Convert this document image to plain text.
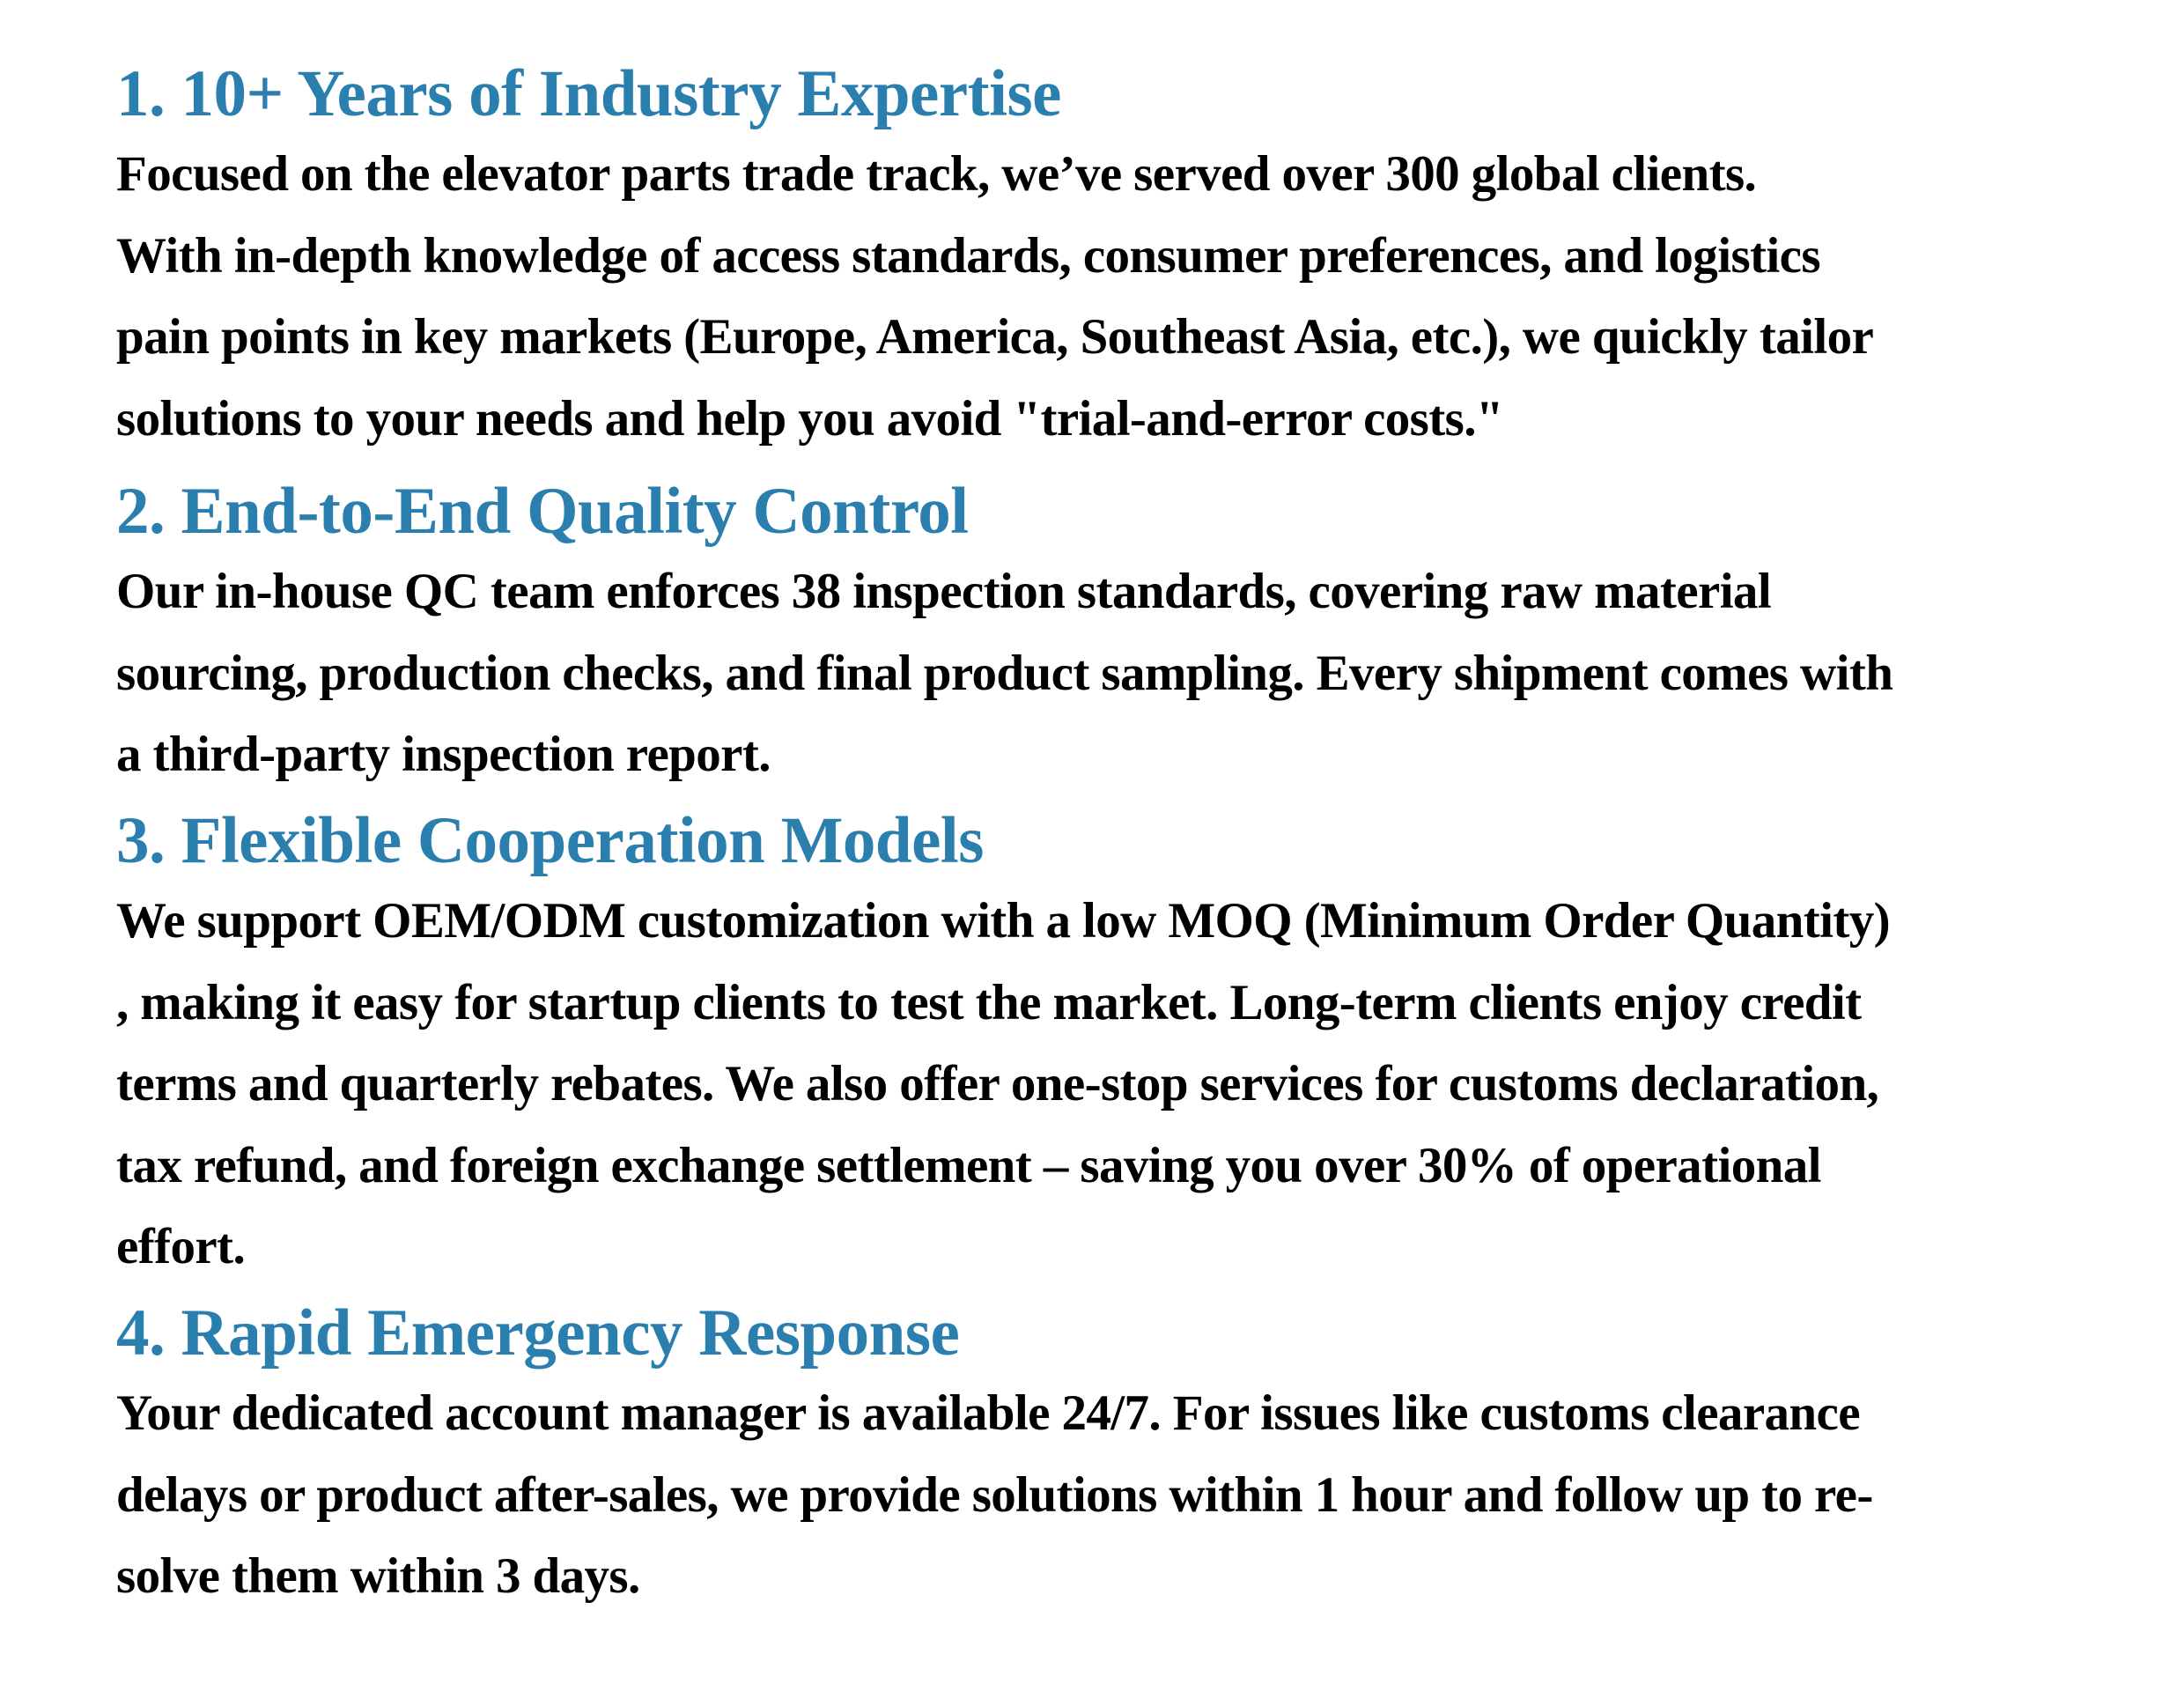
1. 10+ Years of Industry Expertise

Focused on the elevator parts trade track, we’ve served over 300 global clients.

With in-depth knowledge of access standards, consumer preferences, and logistics

pain points in key markets (Europe, America, Southeast Asia, etc.), we quickly tailor

solutions to your needs and help you avoid "trial-and-error costs."

2. End-to-End Quality Control

Our in-house QC team enforces 38 inspection standards, covering raw material

sourcing, production checks, and final product sampling. Every shipment comes with

a third-party inspection report.

3. Flexible Cooperation Models

We support OEM/ODM customization with a low MOQ (Minimum Order Quantity)

, making it easy for startup clients to test the market. Long-term clients enjoy credit

terms and quarterly rebates. We also offer one-stop services for customs declaration,

tax refund, and foreign exchange settlement – saving you over 30% of operational

effort.

4. Rapid Emergency Response

Your dedicated account manager is available 24/7. For issues like customs clearance

delays or product after-sales, we provide solutions within 1 hour and follow up to re-

solve them within 3 days.
